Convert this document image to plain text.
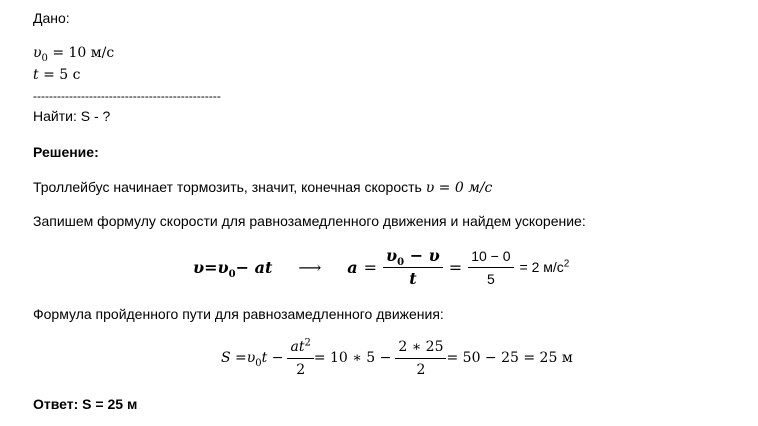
Дано:
$\upsilon_0 = 10$ м/с
t = 5 с
-----------------------------------------------
Найти: S - ?
Решение:
Троллейбус начинает тормозить, значит, конечная скорость υ = 0 м/с
Запишем формулу скорости для равнозамедленного движения и найдем ускорение:
$\upsilon = \upsilon_0$ − at ⟶ $a = \frac{\upsilon_0 - \upsilon}{t} = \frac{10 - 0}{5} = 2$ $м/с^2$
Формула пройденного пути для равнозамедленного движения:
$S = \upsilon_0$ $t - \frac{at^2}{2} = 10$ ∗ $5 - \frac{2 ∗ 25}{2} = 50 - 25 = 25$ м
Ответ: S = 25 м
